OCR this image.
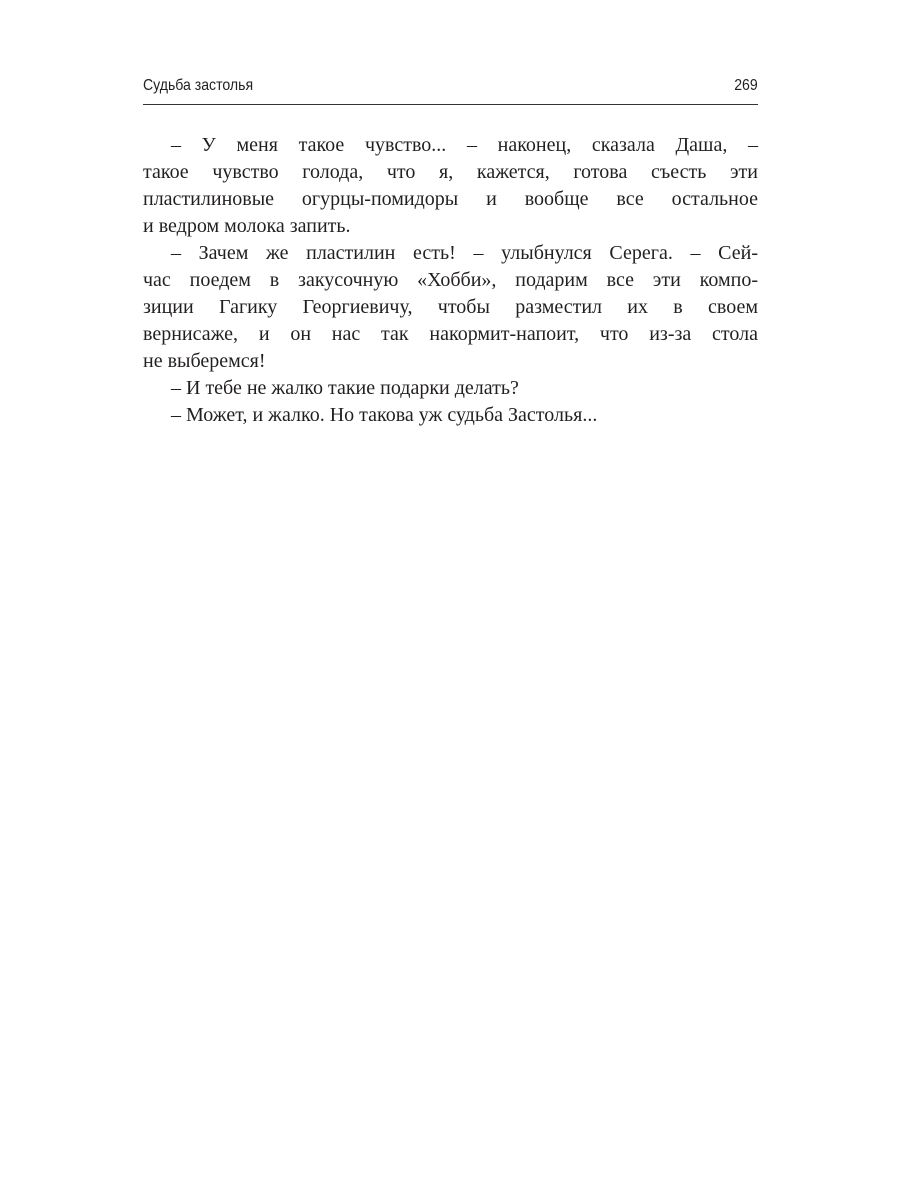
Судьба застолья	269
– У меня такое чувство... – наконец, сказала Даша, –
такое чувство голода, что я, кажется, готова съесть эти
пластилиновые огурцы-помидоры и вообще все остальное
и ведром молока запить.
– Зачем же пластилин есть! – улыбнулся Серега. – Сей-
час поедем в закусочную «Хобби», подарим все эти компо-
зиции Гагику Георгиевичу, чтобы разместил их в своем
вернисаже, и он нас так накормит-напоит, что из-за стола
не выберемся!
– И тебе не жалко такие подарки делать?
– Может, и жалко. Но такова уж судьба Застолья...
